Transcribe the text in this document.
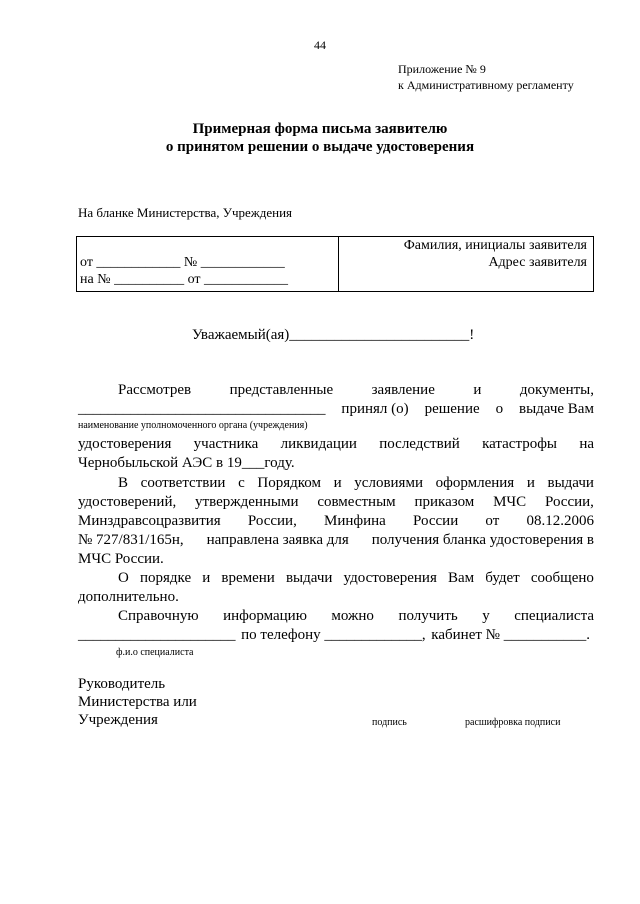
44
Приложение № 9
к Административному регламенту
Примерная форма письма заявителю
о принятом решении о выдаче удостоверения
На бланке Министерства, Учреждения
от ____________ № ____________
на № __________ от ____________
Фамилия, инициалы заявителя
Адрес заявителя
Уважаемый(ая)________________________!
Рассмотрев	представленные	заявление	и	документы,
_________________________________ принял (о) решение о выдаче Вам
наименование уполномоченного органа (учреждения)
удостоверения участника ликвидации последствий катастрофы на
Чернобыльской АЭС в 19___году.
В соответствии с Порядком и условиями оформления и выдачи
удостоверений, утвержденными совместным приказом МЧС России,
Минздравсоцразвития России, Минфина России от 08.12.2006
№ 727/831/165н, направлена заявка для получения бланка удостоверения в
МЧС России.
О порядке и времени выдачи удостоверения Вам будет сообщено
дополнительно.
Справочную информацию можно получить у специалиста
_____________________ по телефону _____________, кабинет № ___________.
ф.и.о специалиста
Руководитель
Министерства или
Учреждения	подпись	расшифровка подписи
